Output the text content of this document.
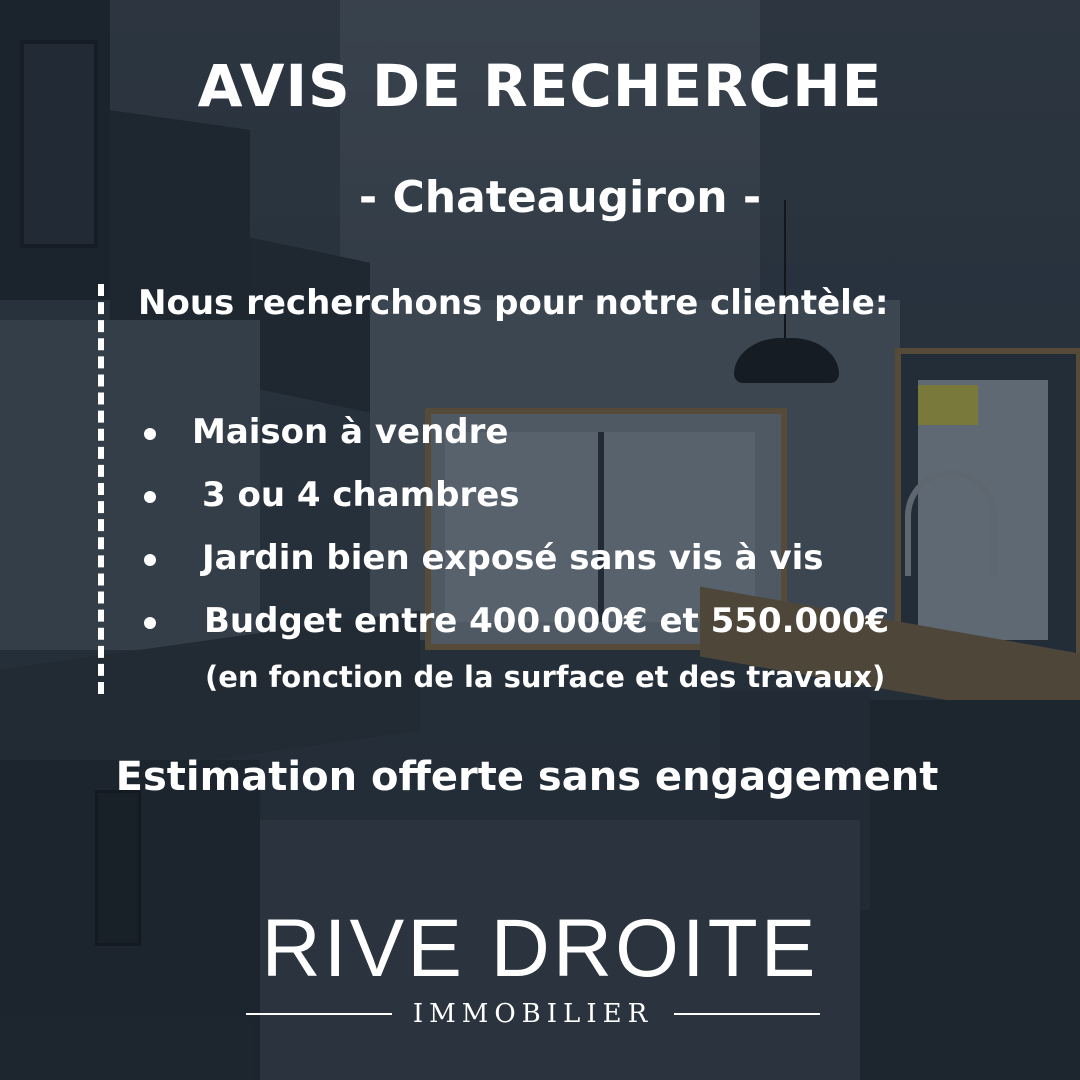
AVIS DE RECHERCHE
- Chateaugiron -
Nous recherchons pour notre clientèle:
Maison à vendre
3 ou 4 chambres
Jardin bien exposé sans vis à vis
Budget entre 400.000€ et 550.000€
(en fonction de la surface et des travaux)
Estimation offerte sans engagement
RIVE DROITE
IMMOBILIER
